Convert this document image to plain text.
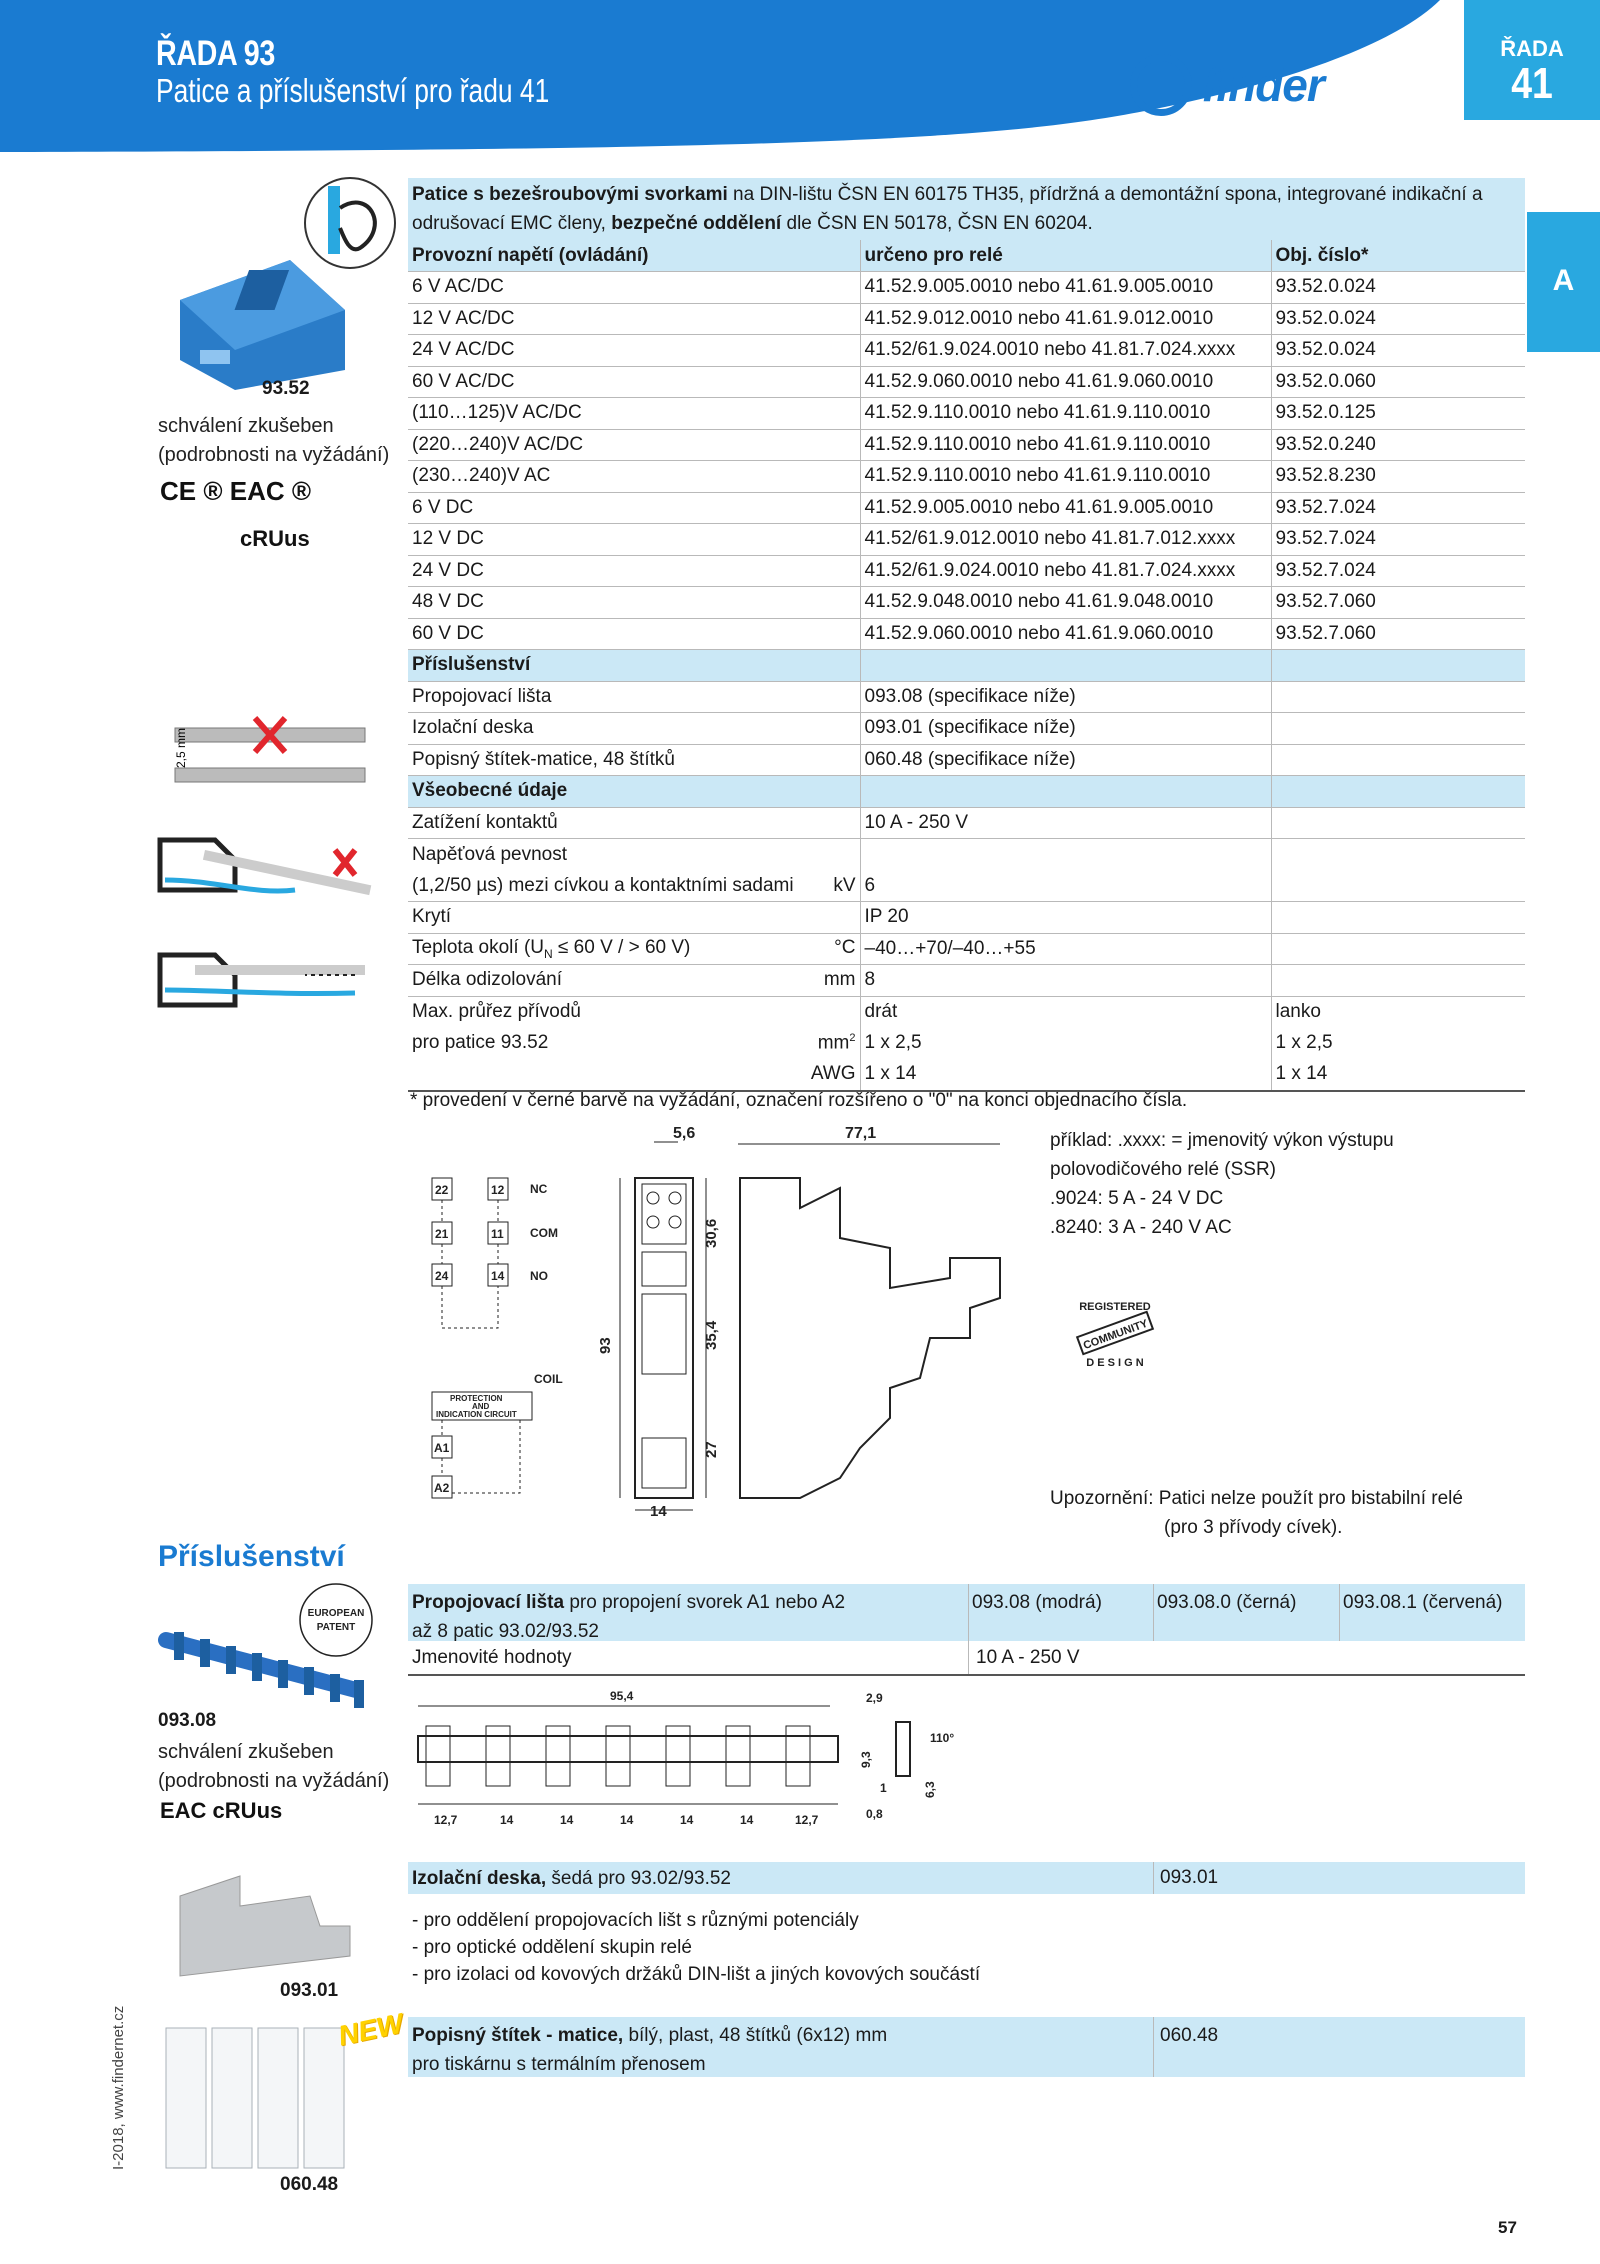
ŘADA 93
Patice a příslušenství pro řadu 41	finder
ŘADA
41
A
93.52
schválení zkušeben
(podrobnosti na vyžádání)
CE ® EAC ®
cRUus
2,5 mm
Patice s bezešroubovými svorkami na DIN-lištu ČSN EN 60175 TH35, přídržná a demontážní spona, integrované indikační a odrušovací EMC členy, bezpečné oddělení dle ČSN EN 50178, ČSN EN 60204.
Provozní napětí (ovládání)	určeno pro relé	Obj. číslo*
6 V AC/DC	41.52.9.005.0010 nebo 41.61.9.005.0010	93.52.0.024
12 V AC/DC	41.52.9.012.0010 nebo 41.61.9.012.0010	93.52.0.024
24 V AC/DC	41.52/61.9.024.0010 nebo 41.81.7.024.xxxx	93.52.0.024
60 V AC/DC	41.52.9.060.0010 nebo 41.61.9.060.0010	93.52.0.060
(110…125)V AC/DC	41.52.9.110.0010 nebo 41.61.9.110.0010	93.52.0.125
(220…240)V AC/DC	41.52.9.110.0010 nebo 41.61.9.110.0010	93.52.0.240
(230…240)V AC	41.52.9.110.0010 nebo 41.61.9.110.0010	93.52.8.230
6 V DC	41.52.9.005.0010 nebo 41.61.9.005.0010	93.52.7.024
12 V DC	41.52/61.9.012.0010 nebo 41.81.7.012.xxxx	93.52.7.024
24 V DC	41.52/61.9.024.0010 nebo 41.81.7.024.xxxx	93.52.7.024
48 V DC	41.52.9.048.0010 nebo 41.61.9.048.0010	93.52.7.060
60 V DC	41.52.9.060.0010 nebo 41.61.9.060.0010	93.52.7.060
Příslušenství		
Propojovací lišta	093.08 (specifikace níže)	
Izolační deska	093.01 (specifikace níže)	
Popisný štítek-matice, 48 štítků	060.48 (specifikace níže)	
Všeobecné údaje		
Zatížení kontaktů	10 A - 250 V	
Napěťová pevnost		
(1,2/50 µs) mezi cívkou a kontaktními sadami kV	6	
Krytí	IP 20	
Teplota okolí ($U_N \le 60$ V / > 60 V) °C	–40…+70/–40…+55	
Délka odizolování mm	8	
Max. průřez přívodů	drát	lanko
pro patice 93.52 $mm^2$	1 x 2,5	1 x 2,5
AWG	1 x 14	1 x 14
* provedení v černé barvě na vyžádání, označení rozšířeno o "0" na konci objednacího čísla.
22	12 NC
21	11 COM
24	14 NO
PROTECTION
AND
INDICATION CIRCUIT
COIL
A1
A2
5,6	77,1
30,6
35,4
93
27
14
příklad: .xxxx: = jmenovitý výkon výstupu
polovodičového relé (SSR)
.9024: 5 A - 24 V DC
.8240: 3 A - 240 V AC
REGISTERED
COMMUNITY
D E S I G N
Upozornění: Patici nelze použít pro bistabilní relé
(pro 3 přívody cívek).
Příslušenství
EUROPEAN
PATENT
093.08
schválení zkušeben
(podrobnosti na vyžádání)
EAC cRUus
Propojovací lišta pro propojení svorek A1 nebo A2
až 8 patic 93.02/93.52
093.08 (modrá)	093.08.0 (černá)	093.08.1 (červená)
Jmenovité hodnoty	10 A - 250 V
95,4
12,7	14	14	14	14	14	12,7
2,9
110°
9,3
1	6,3
0,8
093.01
Izolační deska, šedá pro 93.02/93.52	093.01
- pro oddělení propojovacích lišt s různými potenciály
- pro optické oddělení skupin relé
- pro izolaci od kovových držáků DIN-lišt a jiných kovových součástí
NEW
060.48
Popisný štítek - matice, bílý, plast, 48 štítků (6x12) mm
pro tiskárnu s termálním přenosem
060.48
I-2018, www.findernet.cz
57
